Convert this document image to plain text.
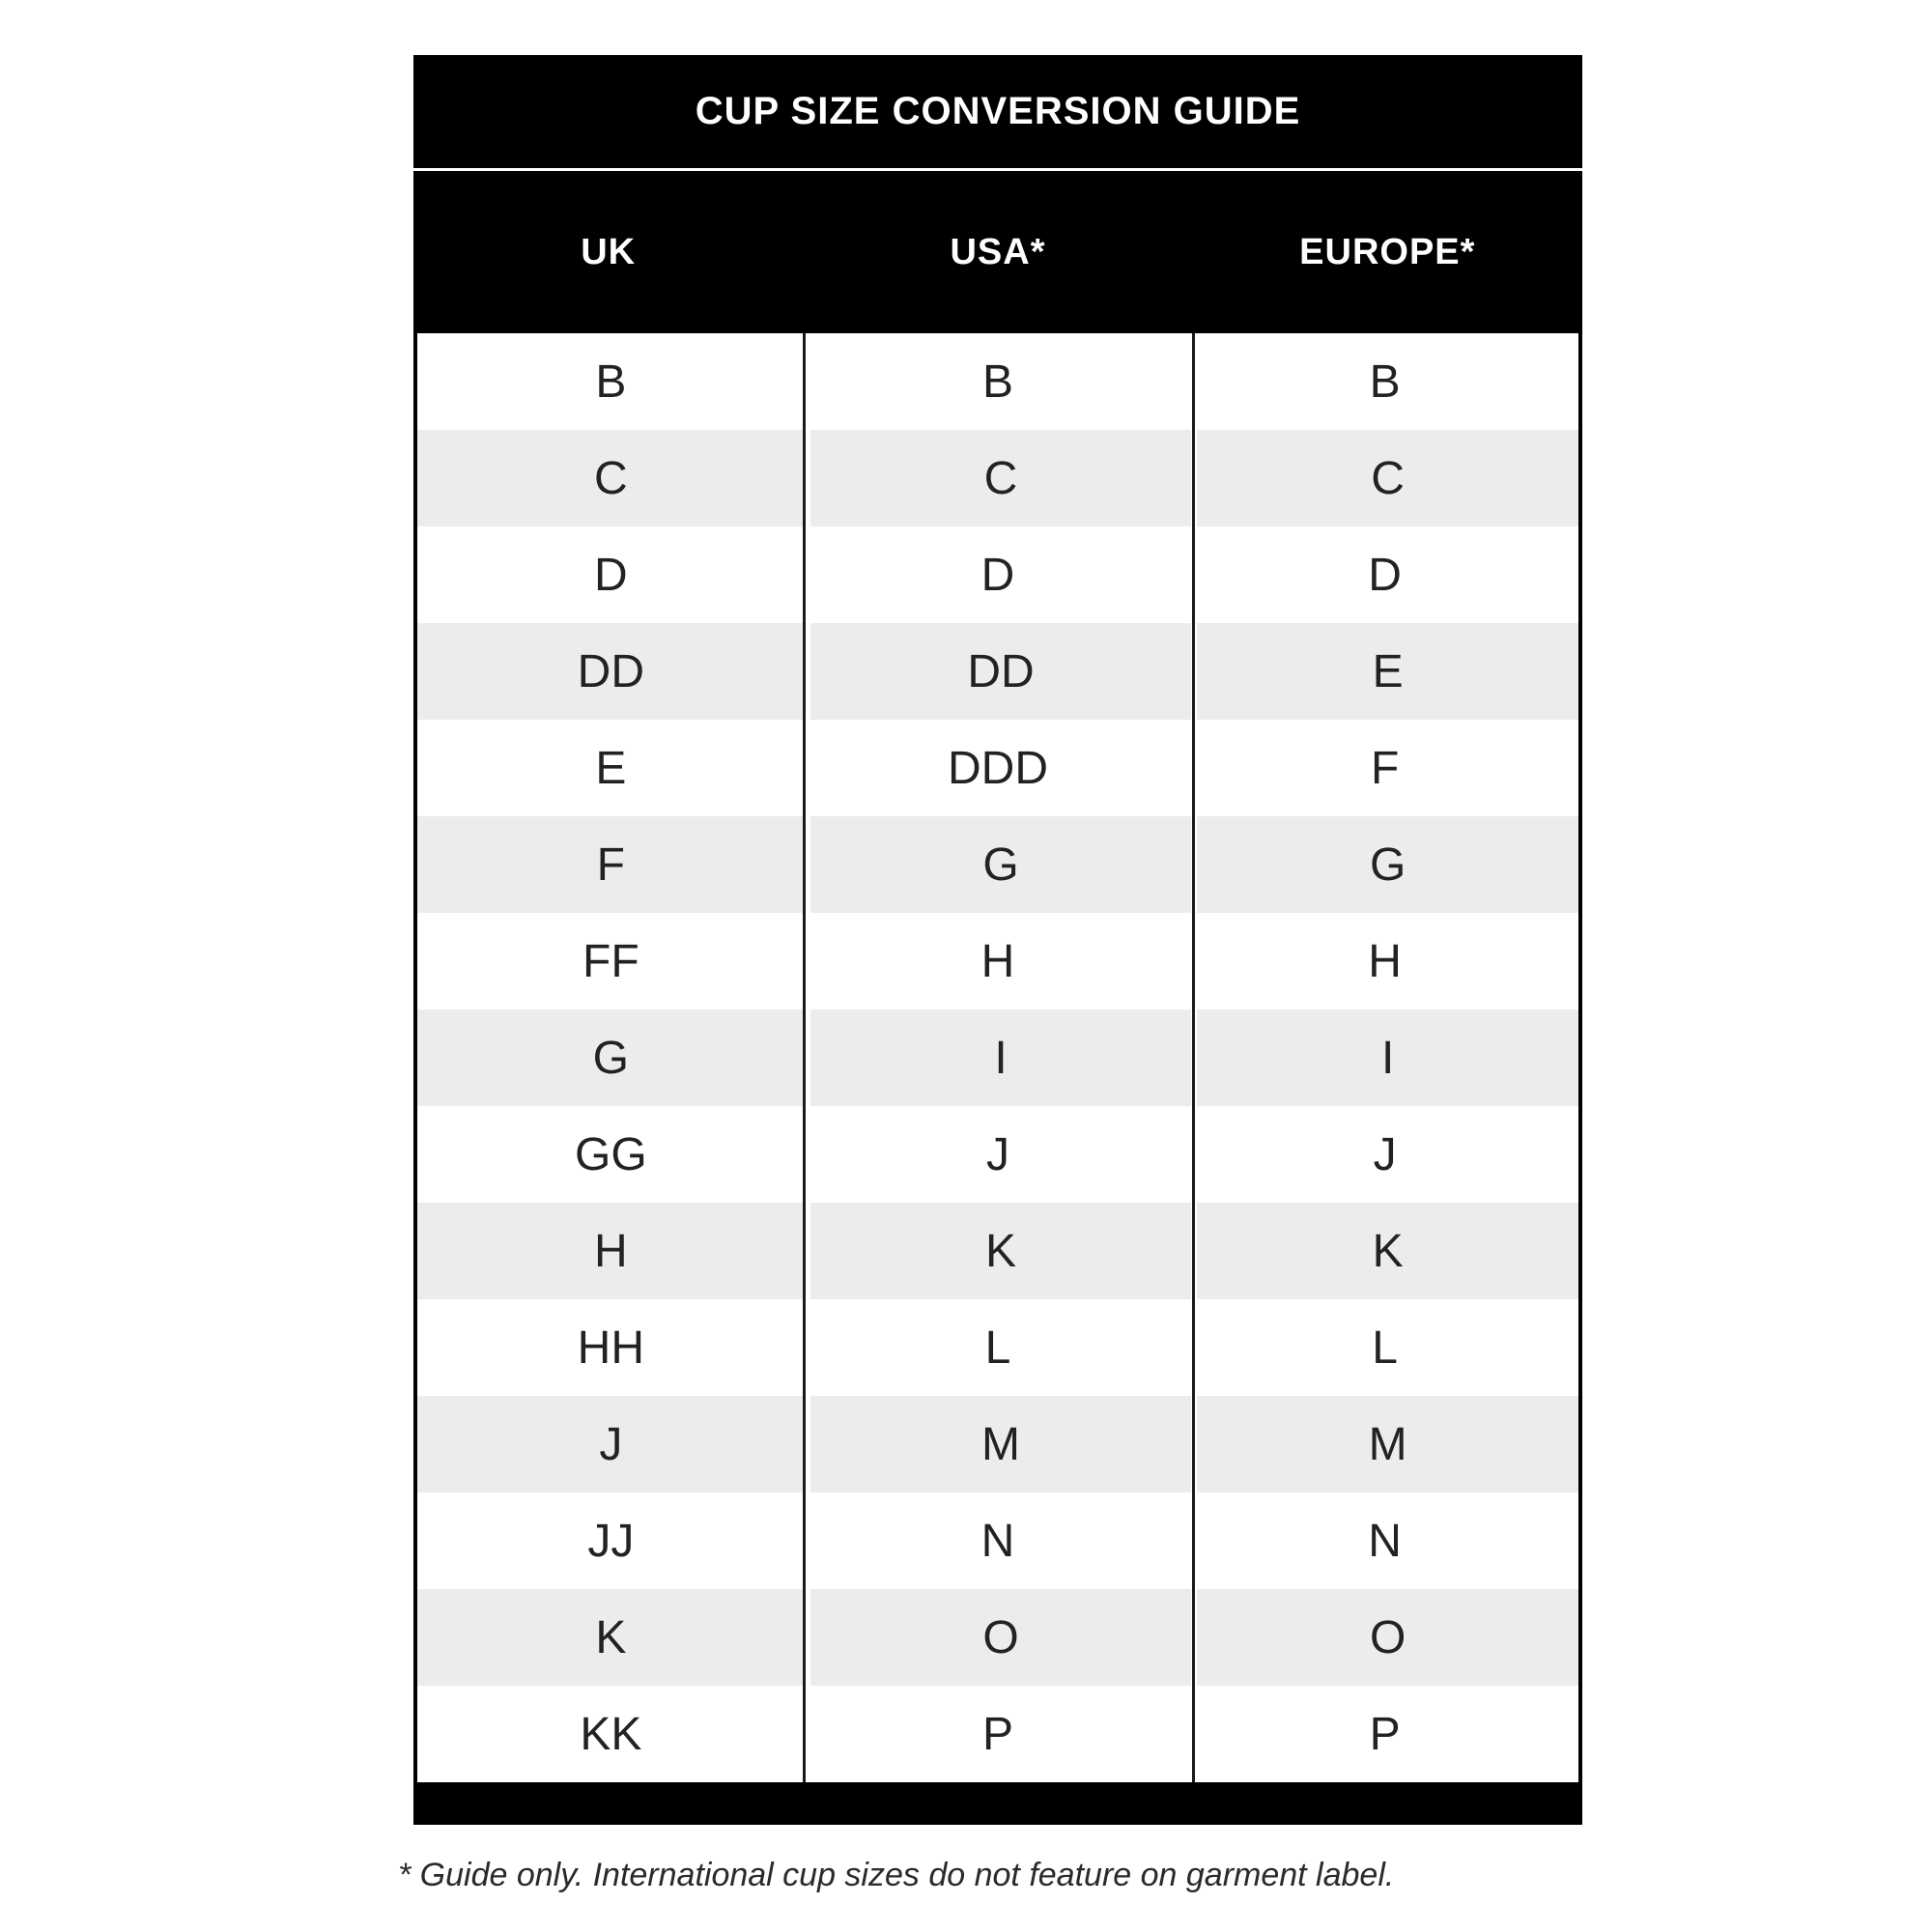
CUP SIZE CONVERSION GUIDE
UK	USA*	EUROPE*
B	B	B
C	C	C
D	D	D
DD	DD	E
E	DDD	F
F	G	G
FF	H	H
G	I	I
GG	J	J
H	K	K
HH	L	L
J	M	M
JJ	N	N
K	O	O
KK	P	P
* Guide only. International cup sizes do not feature on garment label.
